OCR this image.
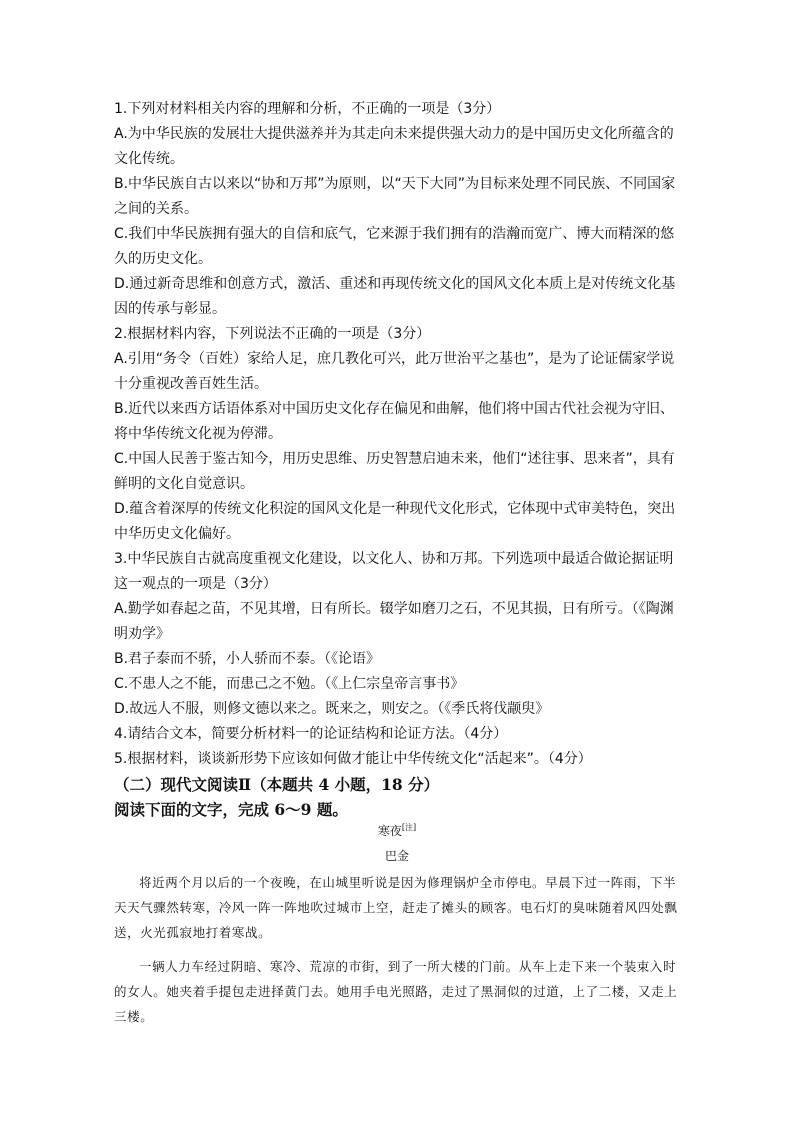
1.下列对材料相关内容的理解和分析，不正确的一项是（3分）

A.为中华民族的发展壮大提供滋养并为其走向未来提供强大动力的是中国历史文化所蕴含的文化传统。

B.中华民族自古以来以“协和万邦”为原则，以“天下大同”为目标来处理不同民族、不同国家之间的关系。

C.我们中华民族拥有强大的自信和底气，它来源于我们拥有的浩瀚而宽广、博大而精深的悠久的历史文化。

D.通过新奇思维和创意方式，激活、重述和再现传统文化的国风文化本质上是对传统文化基因的传承与彰显。

2.根据材料内容，下列说法不正确的一项是（3分）

A.引用“务令（百姓）家给人足，庶几教化可兴，此万世治平之基也”，是为了论证儒家学说十分重视改善百姓生活。

B.近代以来西方话语体系对中国历史文化存在偏见和曲解，他们将中国古代社会视为守旧、将中华传统文化视为停滞。

C.中国人民善于鉴古知今，用历史思维、历史智慧启迪未来，他们“述往事、思来者”，具有鲜明的文化自觉意识。

D.蕴含着深厚的传统文化积淀的国风文化是一种现代文化形式，它体现中式审美特色，突出中华历史文化偏好。

3.中华民族自古就高度重视文化建设，以文化人、协和万邦。下列选项中最适合做论据证明这一观点的一项是（3分）

A.勤学如春起之苗，不见其增，日有所长。辍学如磨刀之石，不见其损，日有所亏。（《陶渊明劝学》

B.君子泰而不骄，小人骄而不泰。（《论语》

C.不患人之不能，而患己之不勉。（《上仁宗皇帝言事书》

D.故远人不服，则修文德以来之。既来之，则安之。（《季氏将伐颛臾》

4.请结合文本，简要分析材料一的论证结构和论证方法。（4分）

5.根据材料，谈谈新形势下应该如何做才能让中华传统文化“活起来”。（4分）

（二）现代文阅读Ⅱ（本题共 4 小题，18 分）

阅读下面的文字，完成 6～9 题。

寒夜[注]
巴金

将近两个月以后的一个夜晚，在山城里听说是因为修理锅炉全市停电。早晨下过一阵雨，下半天天气骤然转寒，冷风一阵一阵地吹过城市上空，赶走了摊头的顾客。电石灯的臭味随着风四处飘送，火光孤寂地打着寒战。

一辆人力车经过阴暗、寒冷、荒凉的市街，到了一所大楼的门前。从车上走下来一个装束入时的女人。她夹着手提包走进择黄门去。她用手电光照路，走过了黑洞似的过道，上了二楼，又走上三楼。
